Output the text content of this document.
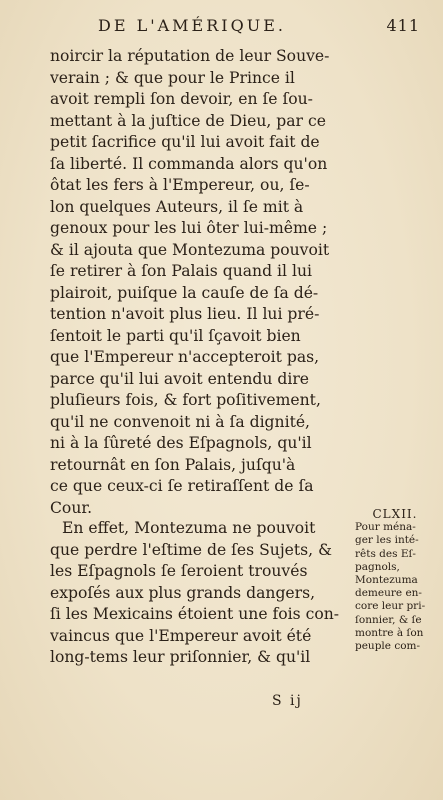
DE L'AMÉRIQUE.	411
noircir la réputation de leur Souve-
verain ; & que pour le Prince il
avoit rempli ſon devoir, en ſe ſou-
mettant à la juſtice de Dieu, par ce
petit ſacrifice qu'il lui avoit fait de
ſa liberté. Il commanda alors qu'on
ôtat les fers à l'Empereur, ou, ſe-
lon quelques Auteurs, il ſe mit à
genoux pour les lui ôter lui-même ;
& il ajouta que Montezuma pouvoit
ſe retirer à ſon Palais quand il lui
plairoit, puiſque la cauſe de ſa dé-
tention n'avoit plus lieu. Il lui pré-
ſentoit le parti qu'il ſçavoit bien
que l'Empereur n'accepteroit pas,
parce qu'il lui avoit entendu dire
pluſieurs fois, & fort poſitivement,
qu'il ne convenoit ni à ſa dignité,
ni à la ſûreté des Eſpagnols, qu'il
retournât en ſon Palais, juſqu'à
ce que ceux-ci ſe retiraſſent de ſa
Cour.
En effet, Montezuma ne pouvoit
que perdre l'eſtime de ſes Sujets, &
les Eſpagnols ſe ſeroient trouvés
expoſés aux plus grands dangers,
ſi les Mexicains étoient une fois con-
vaincus que l'Empereur avoit été
long-tems leur priſonnier, & qu'il
CLXII.
Pour ména-
ger les inté-
rêts des Eſ-
pagnols,
Montezuma
demeure en-
core leur pri-
ſonnier, & ſe
montre à ſon
peuple com-
S ij
